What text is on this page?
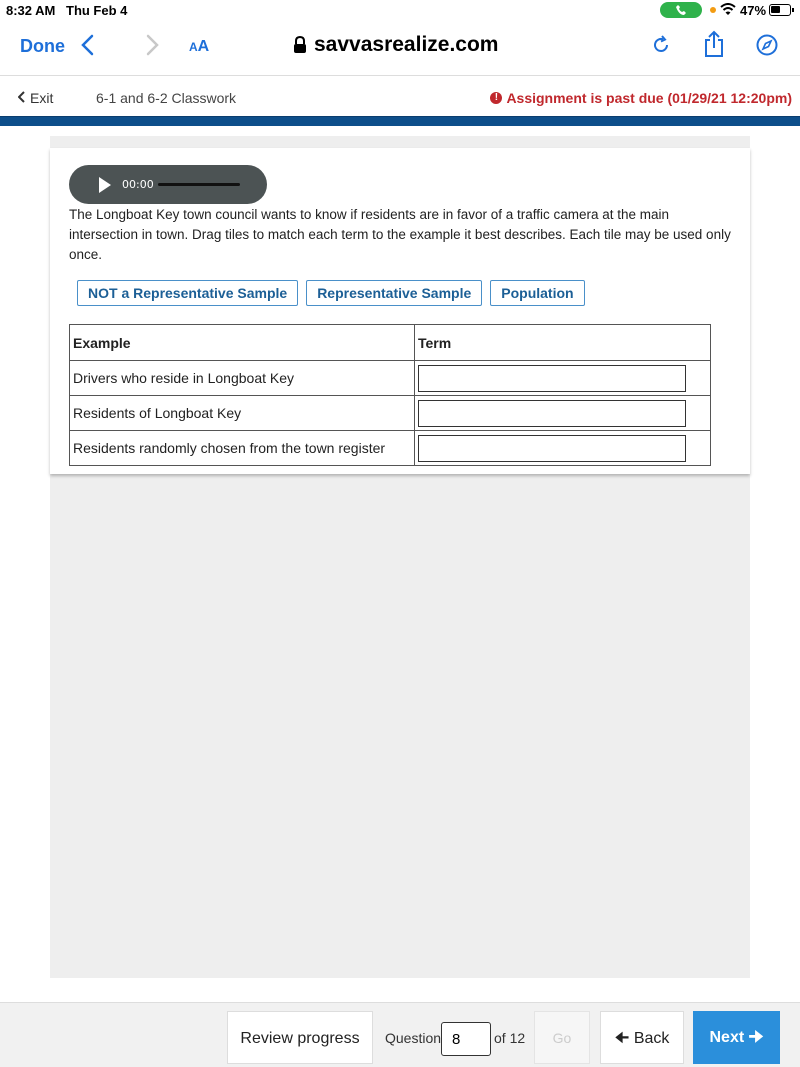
8:32 AM Thu Feb 4	47%
Done	AA	savvasrealize.com
Exit	6-1 and 6-2 Classwork	! Assignment is past due (01/29/21 12:20pm)
00:00

The Longboat Key town council wants to know if residents are in favor of a traffic camera at the main intersection in town. Drag tiles to match each term to the example it best describes. Each tile may be used only once.

NOT a Representative Sample	Representative Sample	Population
Example	Term
Drivers who reside in Longboat Key	

Residents of Longboat Key	

Residents randomly chosen from the town register	
Review progress	Question
8	of 12	Go	🠈 Back	Next 🠊
